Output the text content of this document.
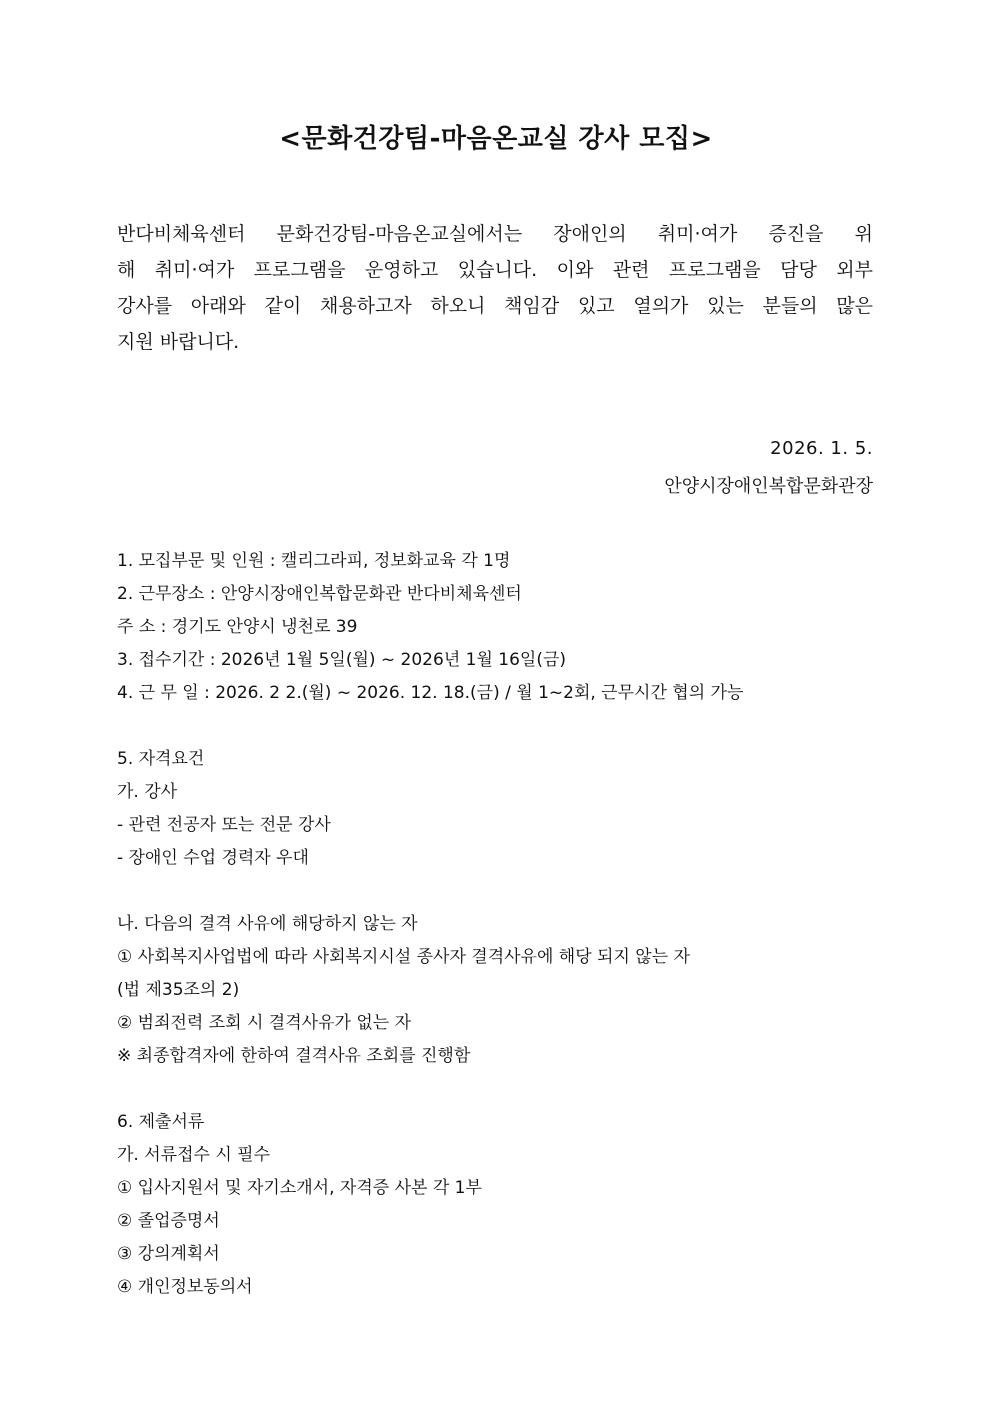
<문화건강팀-마음온교실 강사 모집>
반다비체육센터 문화건강팀-마음온교실에서는 장애인의 취미·여가 증진을 위
해 취미·여가 프로그램을 운영하고 있습니다. 이와 관련 프로그램을 담당 외부
강사를 아래와 같이 채용하고자 하오니 책임감 있고 열의가 있는 분들의 많은
지원 바랍니다.
2026. 1. 5.
안양시장애인복합문화관장
1. 모집부문 및 인원 : 캘리그라피, 정보화교육 각 1명
2. 근무장소 : 안양시장애인복합문화관 반다비체육센터
주 소 : 경기도 안양시 냉천로 39
3. 접수기간 : 2026년 1월 5일(월) ~ 2026년 1월 16일(금)
4. 근 무 일 : 2026. 2 2.(월) ~ 2026. 12. 18.(금) / 월 1~2회, 근무시간 협의 가능
5. 자격요건
가. 강사
- 관련 전공자 또는 전문 강사
- 장애인 수업 경력자 우대
나. 다음의 결격 사유에 해당하지 않는 자
① 사회복지사업법에 따라 사회복지시설 종사자 결격사유에 해당 되지 않는 자
(법 제35조의 2)
② 범죄전력 조회 시 결격사유가 없는 자
※ 최종합격자에 한하여 결격사유 조회를 진행함
6. 제출서류
가. 서류접수 시 필수
① 입사지원서 및 자기소개서, 자격증 사본 각 1부
② 졸업증명서
③ 강의계획서
④ 개인정보동의서
